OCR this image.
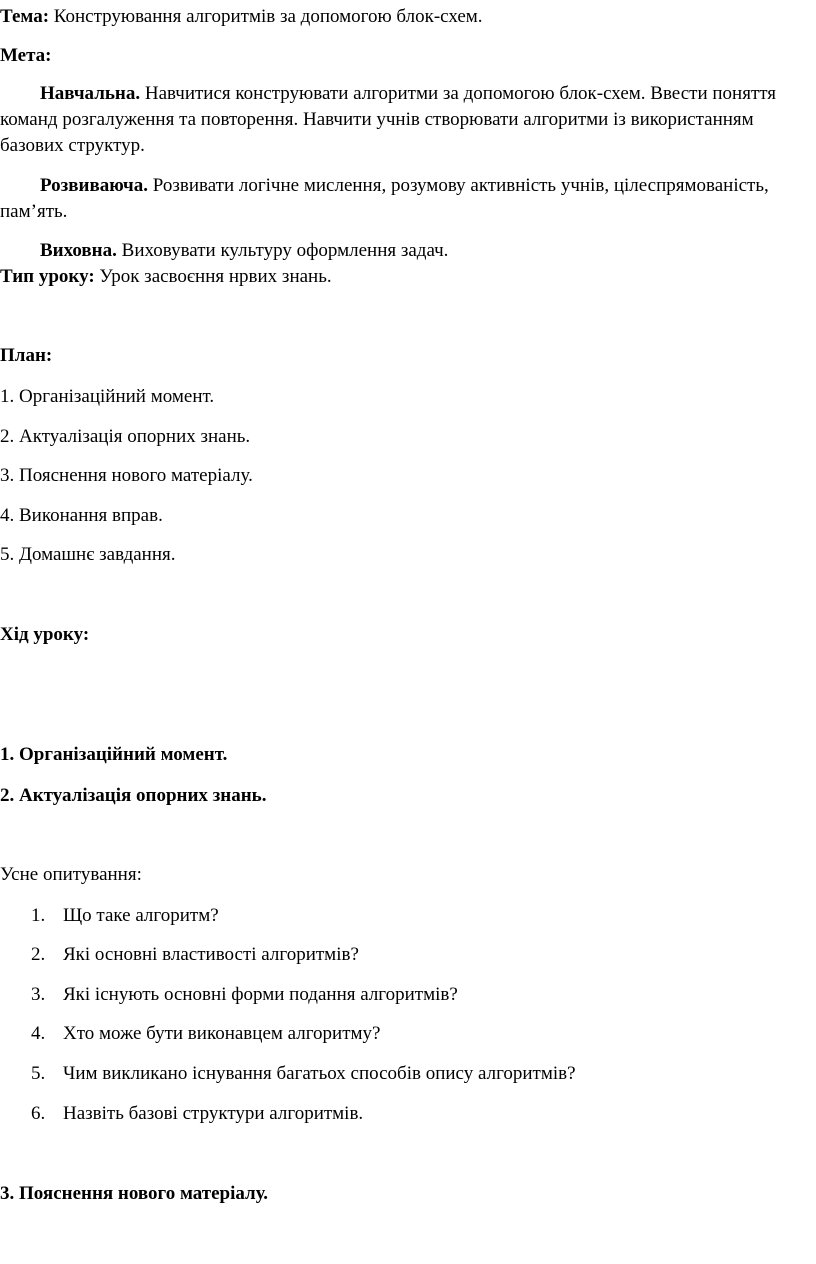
Тема: Конструювання алгоритмів за допомогою блок-схем.
Мета:
Навчальна. Навчитися конструювати алгоритми за допомогою блок-схем. Ввести поняття команд розгалуження та повторення. Навчити учнів створювати алгоритми із використанням базових структур.
Розвиваюча. Розвивати логічне мислення, розумову активність учнів, цілеспрямованість, пам’ять.
Виховна. Виховувати культуру оформлення задач.
Тип уроку: Урок засвоєння нрвих знань.
План:
1. Організаційний момент.
2. Актуалізація опорних знань.
3. Пояснення нового матеріалу.
4. Виконання вправ.
5. Домашнє завдання.
Хід уроку:
1. Організаційний момент.
2. Актуалізація опорних знань.
Усне опитування:
1. Що таке алгоритм?
2. Які основні властивості алгоритмів?
3. Які існують основні форми подання алгоритмів?
4. Хто може бути виконавцем алгоритму?
5. Чим викликано існування багатьох способів опису алгоритмів?
6. Назвіть базові структури алгоритмів.
3. Пояснення нового матеріалу.
